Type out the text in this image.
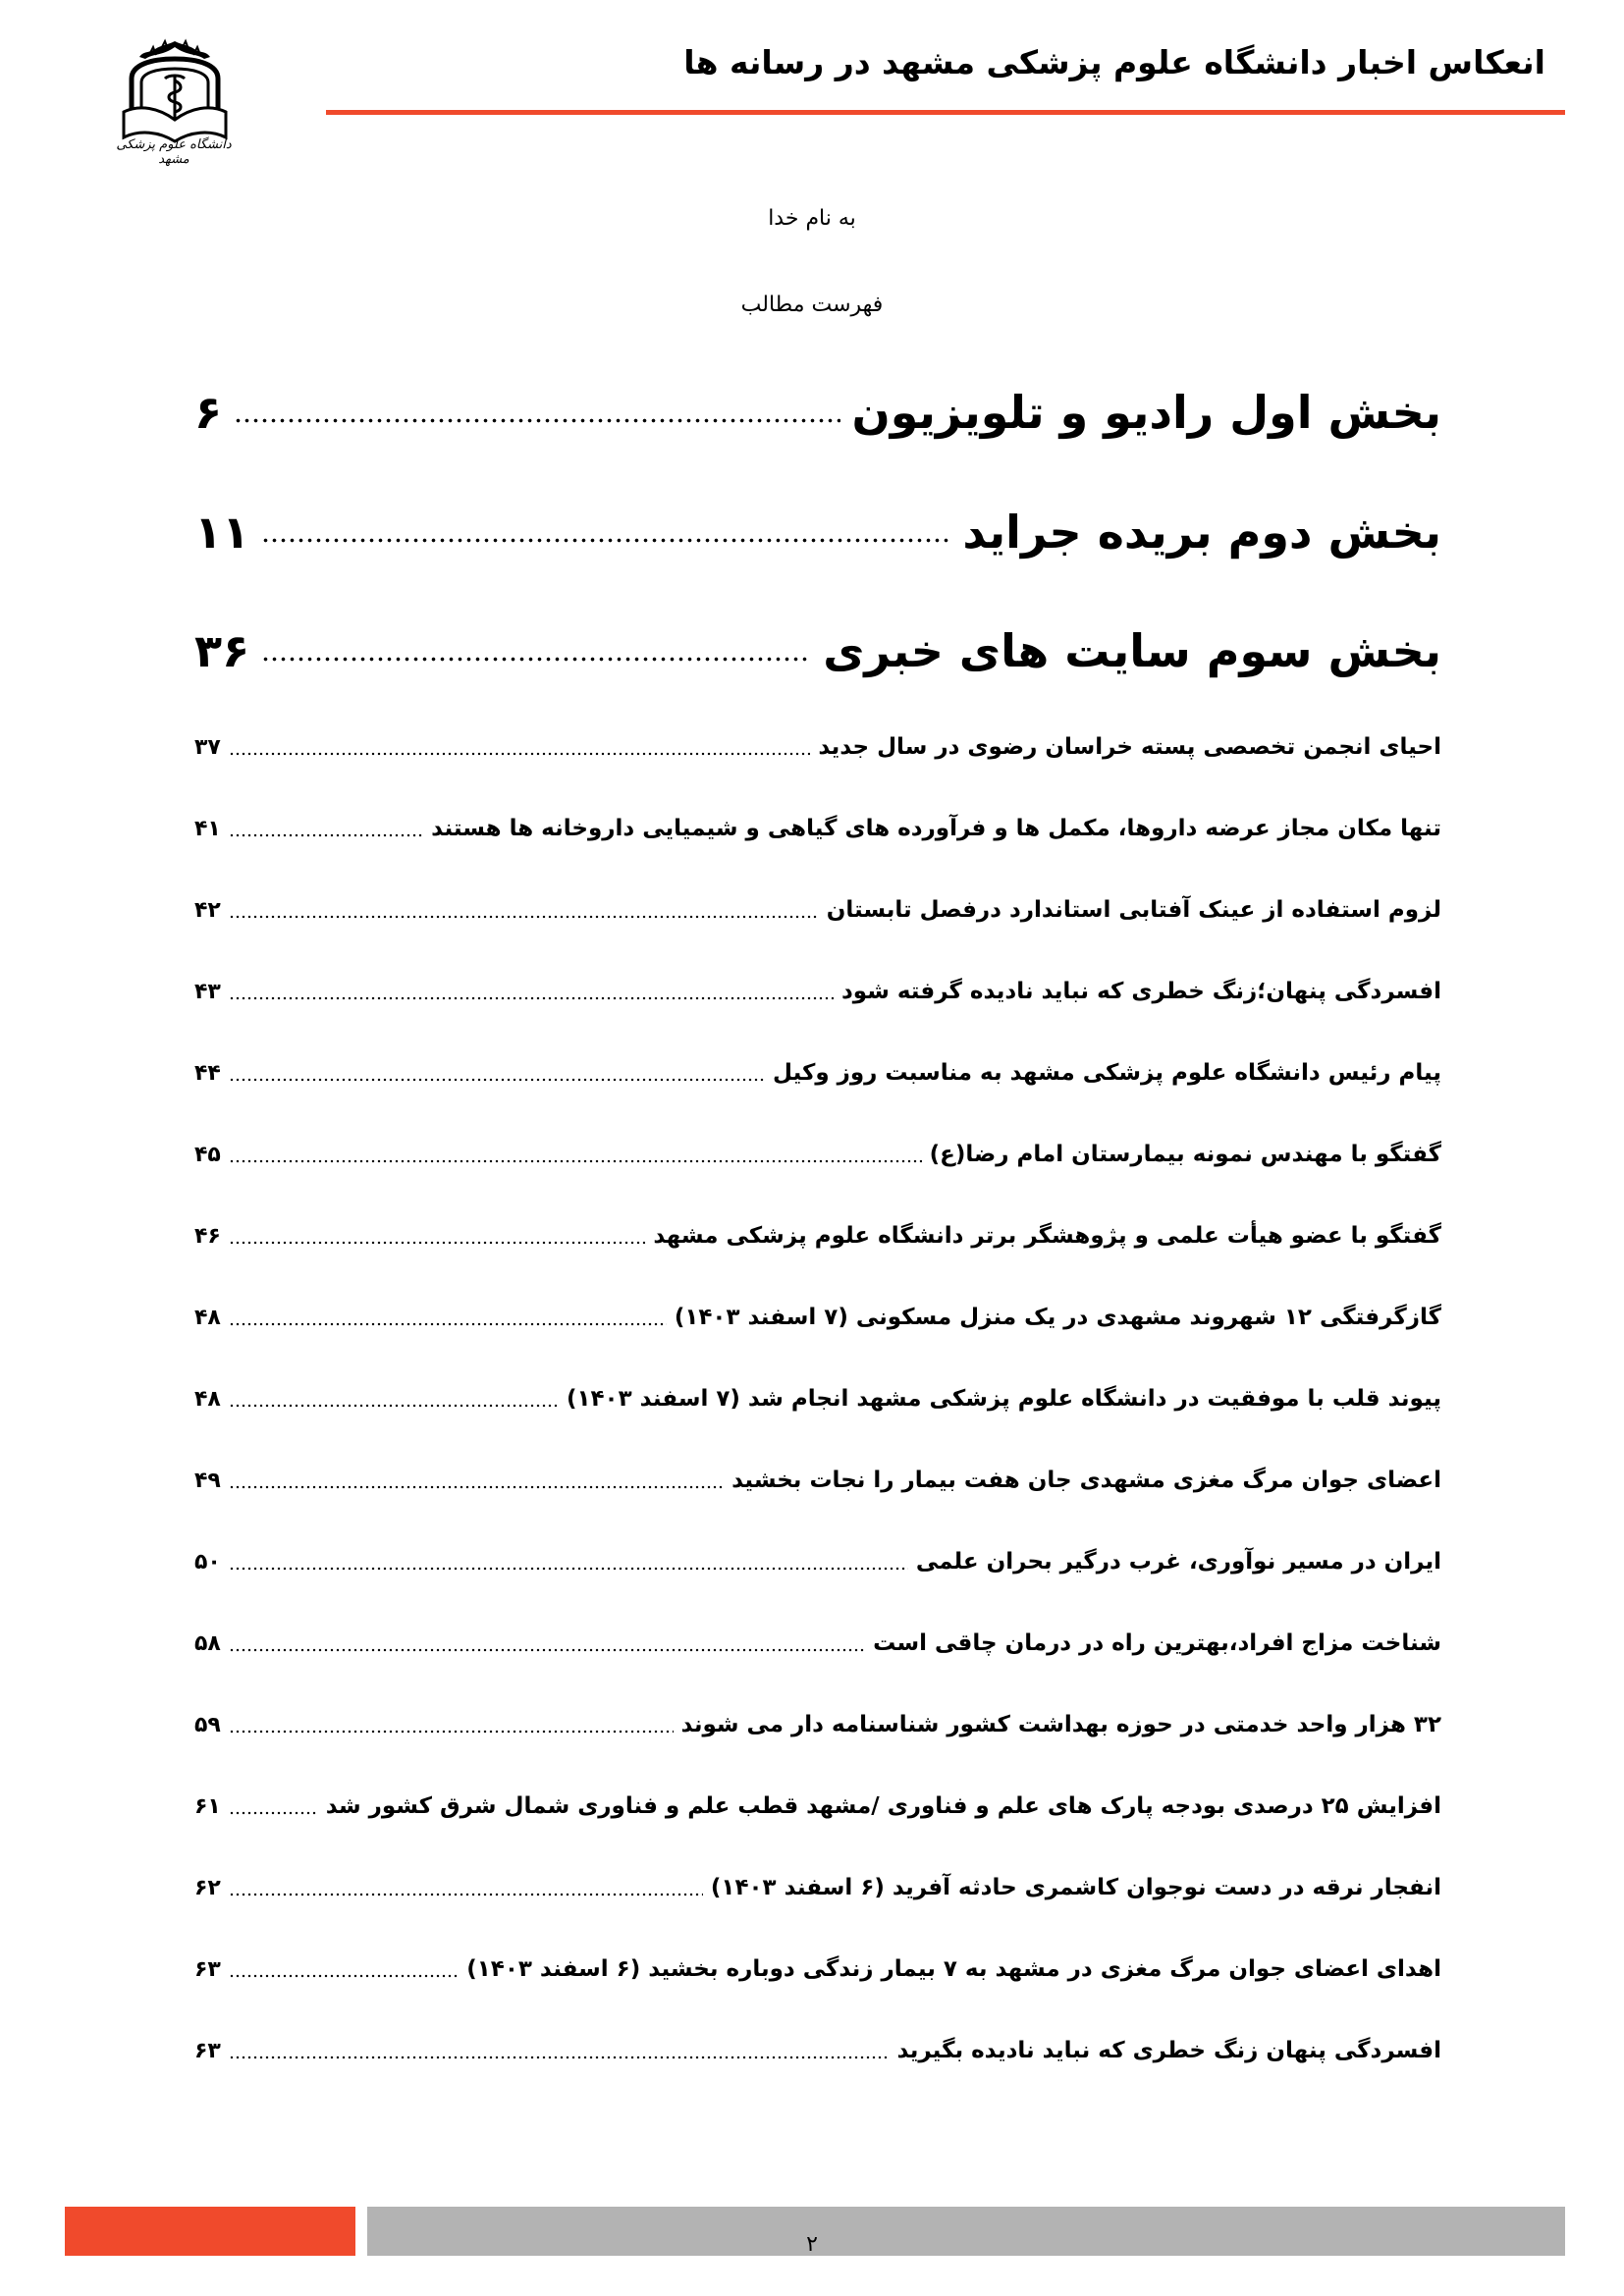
انعکاس اخبار دانشگاه علوم پزشکی مشهد در رسانه ها
دانشگاه علوم پزشکی مشهد
به نام خدا
فهرست مطالب
بخش اول رادیو و تلویزیون
۶
بخش دوم بریده جراید
۱۱
بخش سوم سایت های خبری
۳۶
احیای انجمن تخصصی پسته خراسان رضوی در سال جدید
۳۷
تنها مکان مجاز عرضه داروها، مکمل ها و فرآورده های گیاهی و شیمیایی داروخانه ها هستند
۴۱
لزوم استفاده از عینک آفتابی استاندارد درفصل تابستان
۴۲
افسردگی پنهان؛زنگ خطری که نباید نادیده گرفته شود
۴۳
پیام رئیس دانشگاه علوم پزشکی مشهد به مناسبت روز وکیل
۴۴
گفتگو با مهندس نمونه بیمارستان امام رضا(ع)
۴۵
گفتگو با عضو هیأت علمی و پژوهشگر برتر دانشگاه علوم پزشکی مشهد
۴۶
گازگرفتگی ۱۲ شهروند مشهدی در یک منزل مسکونی (۷ اسفند ۱۴۰۳)
۴۸
پیوند قلب با موفقیت در دانشگاه علوم پزشکی مشهد انجام شد (۷ اسفند ۱۴۰۳)
۴۸
اعضای جوان مرگ مغزی مشهدی جان هفت بیمار را نجات بخشید
۴۹
ایران در مسیر نوآوری، غرب درگیر بحران علمی
۵۰
شناخت مزاج افراد،بهترین راه در درمان چاقی است
۵۸
۳۲ هزار واحد خدمتی در حوزه بهداشت کشور شناسنامه دار می شوند
۵۹
افزایش ۲۵ درصدی بودجه پارک های علم و فناوری /مشهد قطب علم و فناوری شمال شرق کشور شد
۶۱
انفجار نرقه در دست نوجوان کاشمری حادثه آفرید (۶ اسفند ۱۴۰۳)
۶۲
اهدای اعضای جوان مرگ مغزی در مشهد به ۷ بیمار زندگی دوباره بخشید (۶ اسفند ۱۴۰۳)
۶۳
افسردگی پنهان زنگ خطری که نباید نادیده بگیرید
۶۳
۲
